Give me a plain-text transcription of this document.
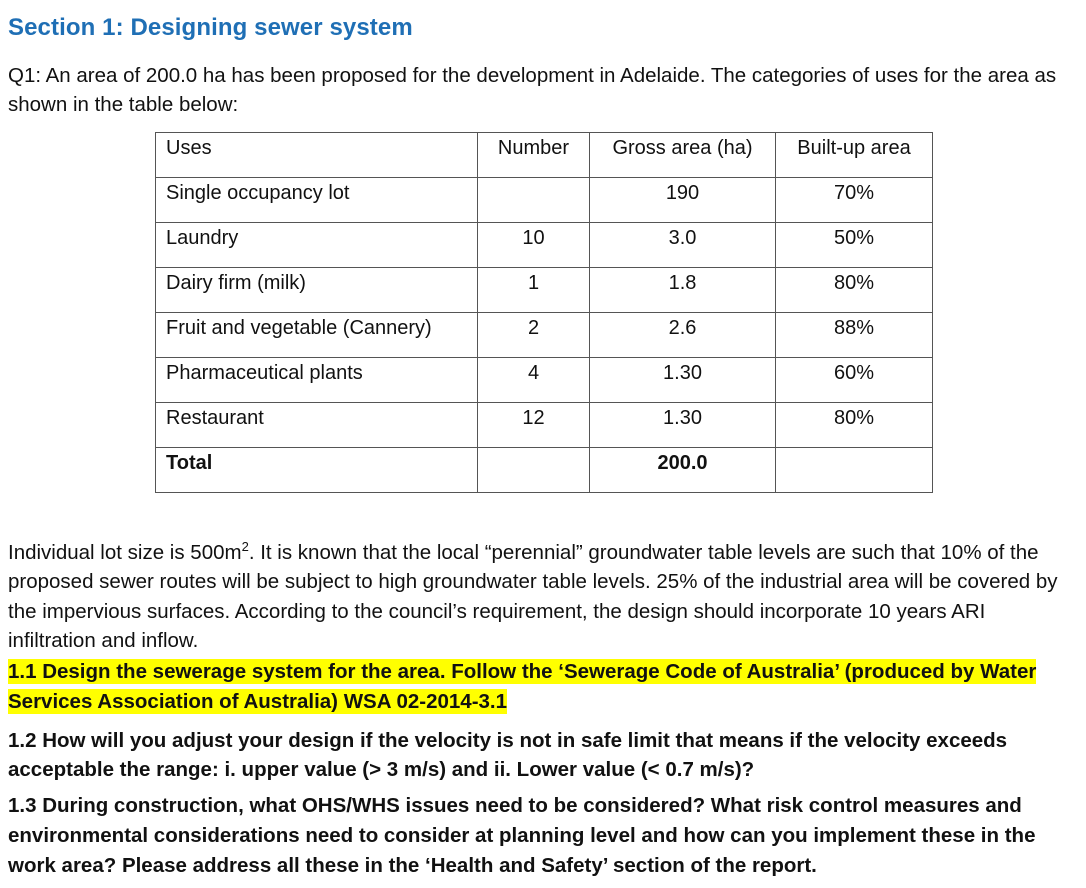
Section 1: Designing sewer system

Q1: An area of 200.0 ha has been proposed for the development in Adelaide. The categories of uses for the area as shown in the table below:

Uses	Number	Gross area (ha)	Built-up area
Single occupancy lot		190	70%
Laundry	10	3.0	50%
Dairy firm (milk)	1	1.8	80%
Fruit and vegetable (Cannery)	2	2.6	88%
Pharmaceutical plants	4	1.30	60%
Restaurant	12	1.30	80%
Total		200.0	

Individual lot size is $500m^2$. It is known that the local “perennial” groundwater table levels are such that 10% of the proposed sewer routes will be subject to high groundwater table levels. 25% of the industrial area will be covered by the impervious surfaces. According to the council’s requirement, the design should incorporate 10 years ARI infiltration and inflow.

1.1 Design the sewerage system for the area. Follow the ‘Sewerage Code of Australia’ (produced by Water Services Association of Australia) WSA 02-2014-3.1

1.2 How will you adjust your design if the velocity is not in safe limit that means if the velocity exceeds acceptable the range: i. upper value (> 3 m/s) and ii. Lower value (< 0.7 m/s)?

1.3 During construction, what OHS/WHS issues need to be considered? What risk control measures and environmental considerations need to consider at planning level and how can you implement these in the work area? Please address all these in the ‘Health and Safety’ section of the report.
